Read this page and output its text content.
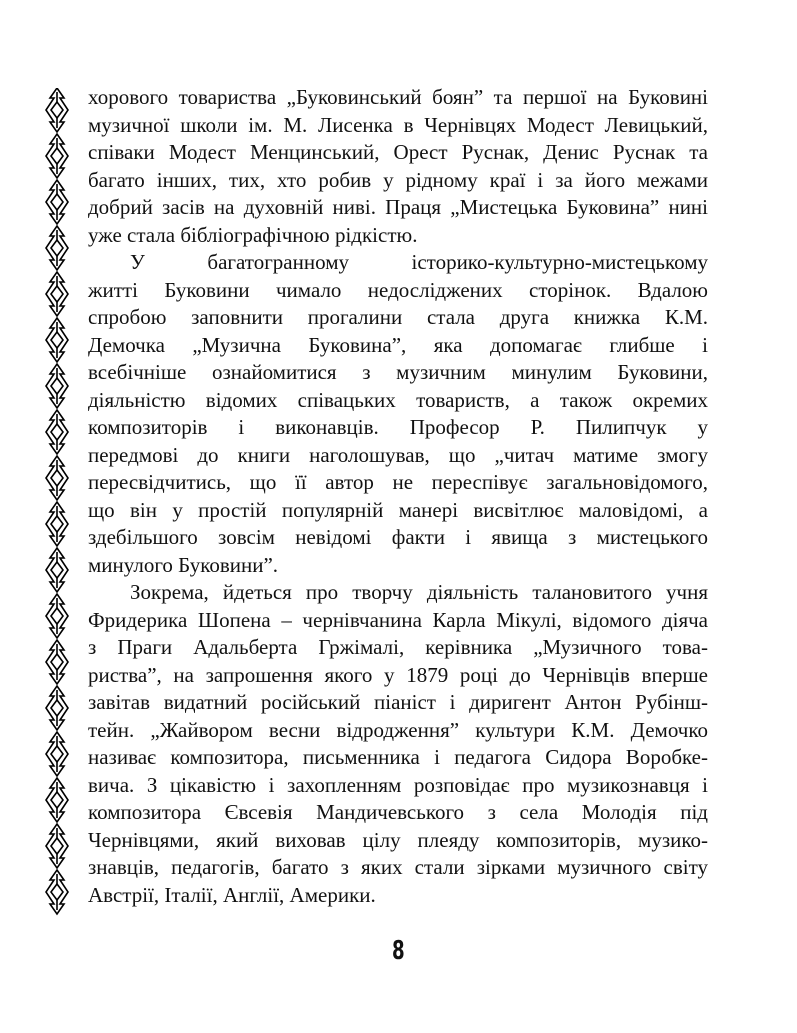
хорового товариства „Буковинський боян” та першої на Буковині
музичної школи ім. М. Лисенка в Чернівцях Модест Левицький,
співаки Модест Менцинський, Орест Руснак, Денис Руснак та
багато інших, тих, хто робив у рідному краї і за його межами
добрий засів на духовній ниві. Праця „Мистецька Буковина” нині
уже стала бібліографічною рідкістю.
У багатогранному історико-культурно-мистецькому
житті Буковини чимало недосліджених сторінок. Вдалою
спробою заповнити прогалини стала друга книжка К.М.
Демочка „Музична Буковина”, яка допомагає глибше і
всебічніше ознайомитися з музичним минулим Буковини,
діяльністю відомих співацьких товариств, а також окремих
композиторів і виконавців. Професор Р. Пилипчук у
передмові до книги наголошував, що „читач матиме змогу
пересвідчитись, що її автор не переспівує загальновідомого,
що він у простій популярній манері висвітлює маловідомі, а
здебільшого зовсім невідомі факти і явища з мистецького
минулого Буковини”.
Зокрема, йдеться про творчу діяльність талановитого учня
Фридерика Шопена – чернівчанина Карла Мікулі, відомого діяча
з Праги Адальберта Гржімалі, керівника „Музичного това-
риства”, на запрошення якого у 1879 році до Чернівців вперше
завітав видатний російський піаніст і диригент Антон Рубінш-
тейн. „Жайвором весни відродження” культури К.М. Демочко
називає композитора, письменника і педагога Сидора Воробке-
вича. З цікавістю і захопленням розповідає про музикознавця і
композитора Євсевія Мандичевського з села Молодія під
Чернівцями, який виховав цілу плеяду композиторів, музико-
знавців, педагогів, багато з яких стали зірками музичного світу
Австрії, Італії, Англії, Америки.
8
